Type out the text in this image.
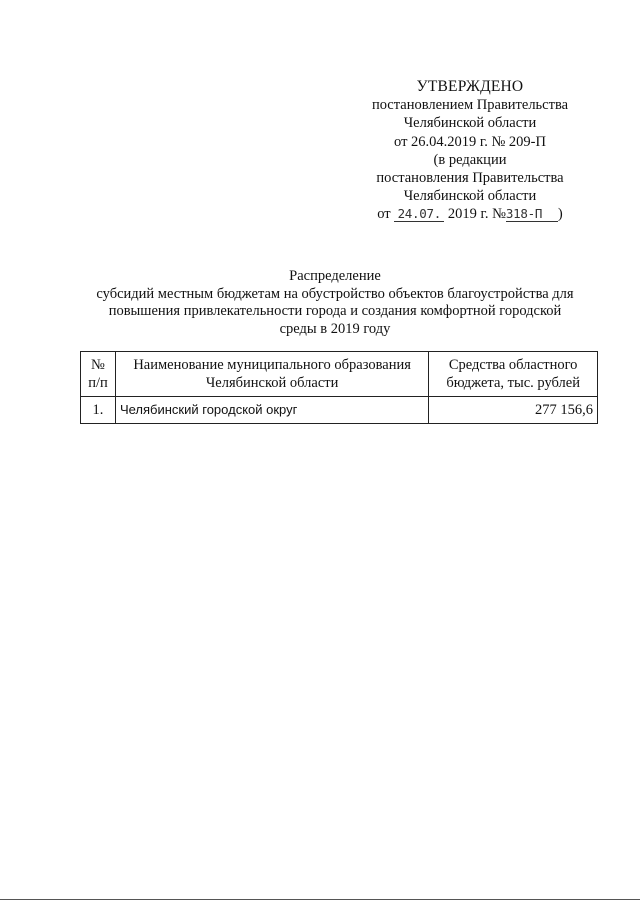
УТВЕРЖДЕНО
постановлением Правительства
Челябинской области
от 26.04.2019 г. № 209-П
(в редакции
постановления Правительства
Челябинской области
от 24.07. 2019 г. №318-П )
Распределение
субсидий местным бюджетам на обустройство объектов благоустройства для
повышения привлекательности города и создания комфортной городской
среды в 2019 году
№ п/п	Наименование муниципального образования Челябинской области	Средства областного бюджета, тыс. рублей
1.	Челябинский городской округ	277 156,6
